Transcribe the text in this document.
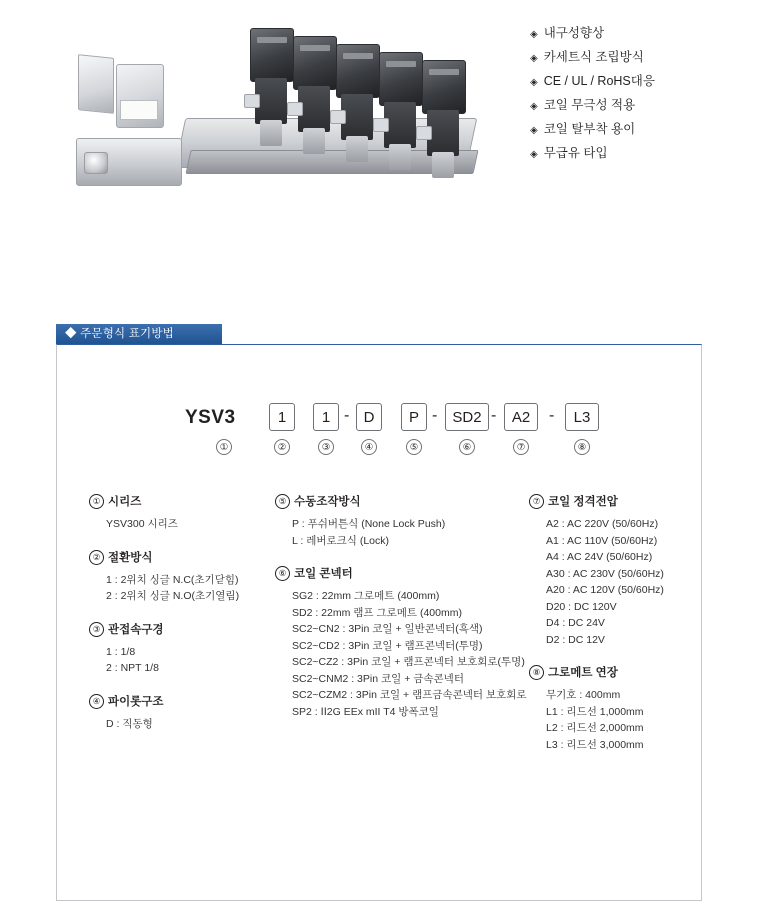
◈ 내구성향상
◈ 카세트식 조립방식
◈ CE / UL / RoHS대응
◈ 코일 무극성 적용
◈ 코일 탈부착 용이
◈ 무급유 타입
◆ 주문형식 표기방법
YSV3
①
1
②
1
③
- D
④
P
⑤
-	SD2
⑥
-	A2
⑦
-	L3
⑧
① 시리즈
YSV300 시리즈
② 절환방식
1 : 2위치 싱글 N.C(초기닫힘)
2 : 2위치 싱글 N.O(초기열림)
③ 관접속구경
1 : 1/8
2 : NPT 1/8
④ 파이롯구조
D : 직동형
⑤ 수동조작방식
P : 푸쉬버튼식 (None Lock Push)
L : 레버로크식 (Lock)
⑥ 코일 콘넥터
SG2 : 22mm 그로메트 (400mm)
SD2 : 22mm 램프 그로메트 (400mm)
SC2~CN2 : 3Pin 코일 + 일반콘넥터(흑색)
SC2~CD2 : 3Pin 코일 + 램프콘넥터(투명)
SC2~CZ2 : 3Pin 코일 + 램프콘넥터 보호회로(투명)
SC2~CNM2 : 3Pin 코일 + 금속콘넥터
SC2~CZM2 : 3Pin 코일 + 램프금속콘넥터 보호회로
SP2 : ⅠⅠ2G EEx mII T4 방폭코일
⑦ 코일 정격전압
A2 : AC 220V (50/60Hz)
A1 : AC 110V (50/60Hz)
A4 : AC 24V (50/60Hz)
A30 : AC 230V (50/60Hz)
A20 : AC 120V (50/60Hz)
D20 : DC 120V
D4 : DC 24V
D2 : DC 12V
⑧ 그로메트 연장
무기호 : 400mm
L1 : 리드선 1,000mm
L2 : 리드선 2,000mm
L3 : 리드선 3,000mm
